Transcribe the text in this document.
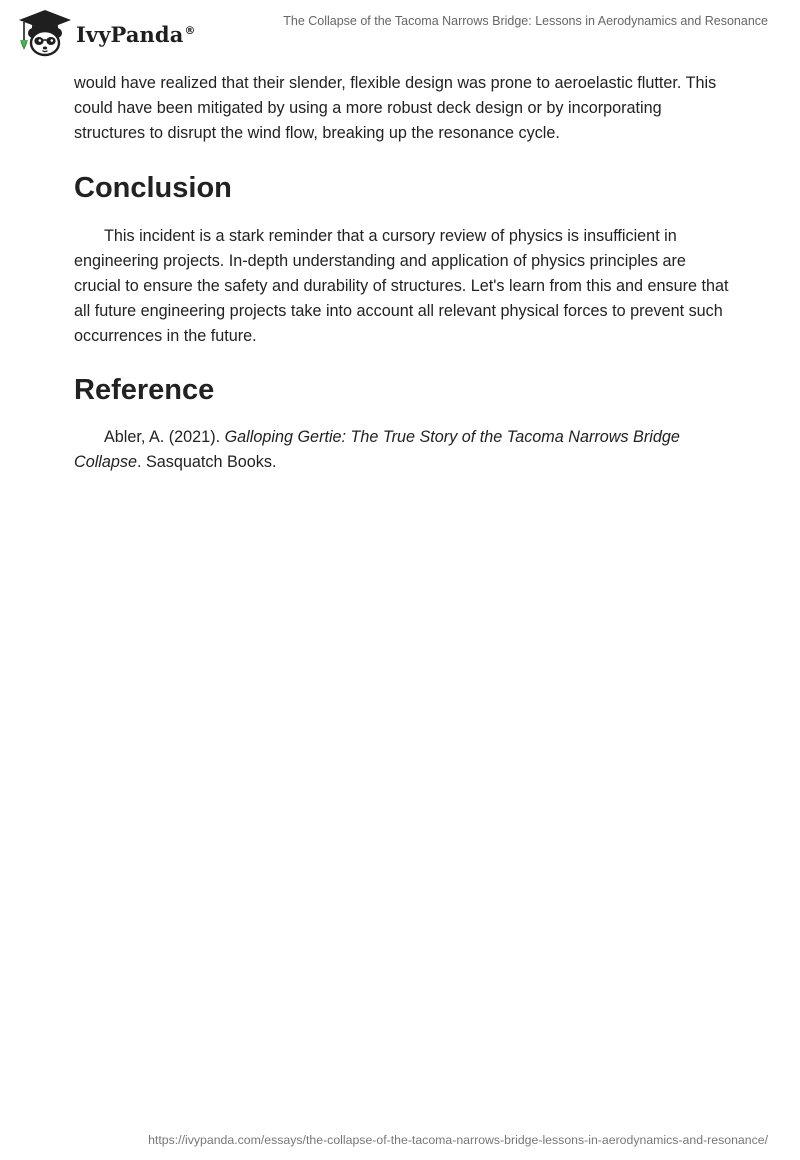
IvyPanda®
The Collapse of the Tacoma Narrows Bridge: Lessons in Aerodynamics and Resonance

would have realized that their slender, flexible design was prone to aeroelastic flutter. This could have been mitigated by using a more robust deck design or by incorporating structures to disrupt the wind flow, breaking up the resonance cycle.

Conclusion

This incident is a stark reminder that a cursory review of physics is insufficient in engineering projects. In-depth understanding and application of physics principles are crucial to ensure the safety and durability of structures. Let's learn from this and ensure that all future engineering projects take into account all relevant physical forces to prevent such occurrences in the future.

Reference

Abler, A. (2021). Galloping Gertie: The True Story of the Tacoma Narrows Bridge Collapse. Sasquatch Books.

https://ivypanda.com/essays/the-collapse-of-the-tacoma-narrows-bridge-lessons-in-aerodynamics-and-resonance/
